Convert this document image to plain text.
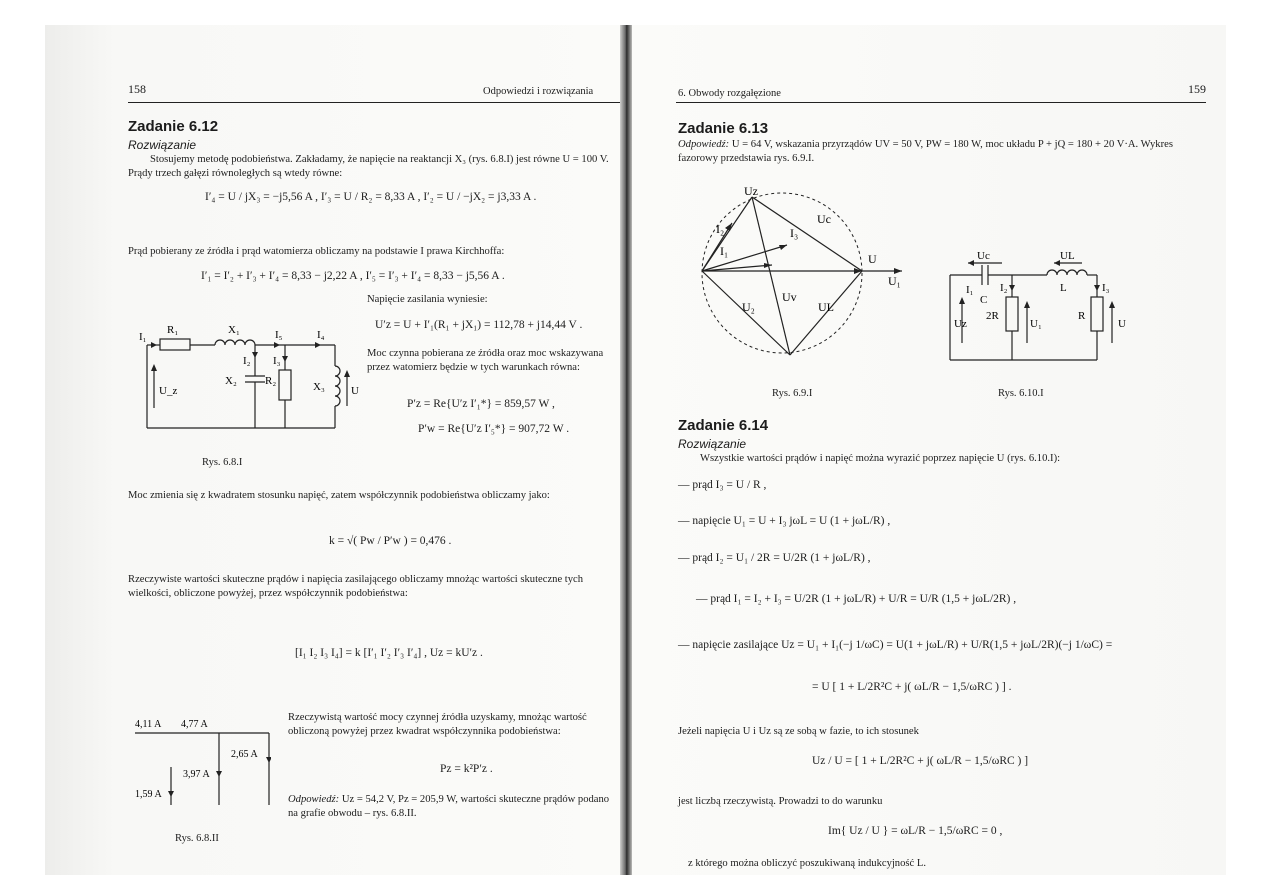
158	Odpowiedzi i rozwiązania
Zadanie 6.12
Rozwiązanie
Stosujemy metodę podobieństwa. Zakładamy, że napięcie na reaktancji X₃ (rys. 6.8.I) jest równe U = 100 V. Prądy trzech gałęzi równoległych są wtedy równe:
I′₄ = U / jX₃ = −j5,56 A , I′₃ = U / R₂ = 8,33 A , I′₂ = U / −jX₂ = j3,33 A .
Prąd pobierany ze źródła i prąd watomierza obliczamy na podstawie I prawa Kirchhoffa:
I′₁ = I′₂ + I′₃ + I′₄ = 8,33 − j2,22 A , I′₅ = I′₃ + I′₄ = 8,33 − j5,56 A .
Napięcie zasilania wyniesie:
U′z = U + I′₁(R₁ + jX₁) = 112,78 + j14,44 V .
Moc czynna pobierana ze źródła oraz moc wskazywana przez watomierz będzie w tych warunkach równa:
P′z = Re{U′z I′₁*} = 859,57 W ,
P′w = Re{U′z I′₅*} = 907,72 W .
I₁
R₁	X₁	I₅	I₄
U_z
I₂ I₃
X₂	R₂	X₃ U
Rys. 6.8.I
Moc zmienia się z kwadratem stosunku napięć, zatem współczynnik podobieństwa obliczamy jako:
k = √( Pw / P′w ) = 0,476 .
Rzeczywiste wartości skuteczne prądów i napięcia zasilającego obliczamy mnożąc wartości skuteczne tych wielkości, obliczone powyżej, przez współczynnik podobieństwa:
[I₁ I₂ I₃ I₄] = k [I′₁ I′₂ I′₃ I′₄] , Uz = kU′z .
Rzeczywistą wartość mocy czynnej źródła uzyskamy, mnożąc wartość obliczoną powyżej przez kwadrat współczynnika podobieństwa:
Pz = k²P′z .
Odpowiedź: Uz = 54,2 V, Pz = 205,9 W, wartości skuteczne prądów podano na grafie obwodu – rys. 6.8.II.
4,11 A 4,77 A
2,65 A
3,97 A
1,59 A
Rys. 6.8.II
6. Obwody rozgałęzione	159
Zadanie 6.13
Odpowiedź: U = 64 V, wskazania przyrządów UV = 50 V, PW = 180 W, moc układu P + jQ = 180 + 20 V·A. Wykres fazorowy przedstawia rys. 6.9.I.
Uz
Uc
I₂	I₃
I₁
U
U₁
Uv
U₂	UL
Rys. 6.9.I
Uc	UL
I₁
C
I₂	L	I₃
Uz
2R
U₁
R
U
Rys. 6.10.I
Zadanie 6.14
Rozwiązanie
Wszystkie wartości prądów i napięć można wyrazić poprzez napięcie U (rys. 6.10.I):
— prąd I₃ = U / R ,
— napięcie U₁ = U + I₃ jωL = U (1 + jωL/R) ,
— prąd I₂ = U₁ / 2R = U/2R (1 + jωL/R) ,
— prąd I₁ = I₂ + I₃ = U/2R (1 + jωL/R) + U/R = U/R (1,5 + jωL/2R) ,
— napięcie zasilające Uz = U₁ + I₁(−j 1/ωC) = U(1 + jωL/R) + U/R(1,5 + jωL/2R)(−j 1/ωC) =
= U [ 1 + L/2R²C + j( ωL/R − 1,5/ωRC ) ] .
Jeżeli napięcia U i Uz są ze sobą w fazie, to ich stosunek
Uz / U = [ 1 + L/2R²C + j( ωL/R − 1,5/ωRC ) ]
jest liczbą rzeczywistą. Prowadzi to do warunku
Im{ Uz / U } = ωL/R − 1,5/ωRC = 0 ,
z którego można obliczyć poszukiwaną indukcyjność L.
